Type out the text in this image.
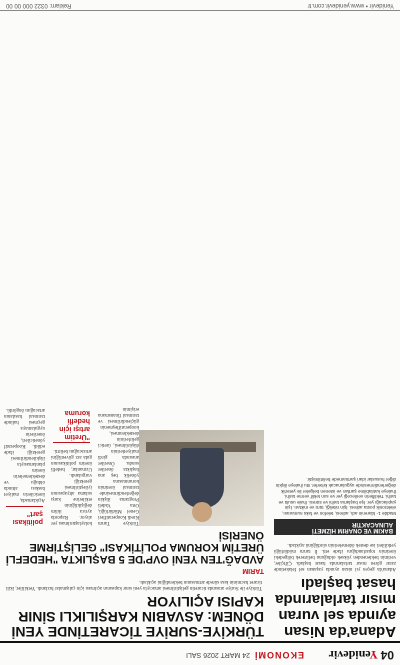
04
Yenidevir
EKONOMİ
24 MART 2026 SALI
Adana'da Nisan ayında sel vuran mısır tarlalarında hasat başladı
Adana'da geçen yıl nisan ayında yaşanan sel felaketinde zarar gören mısır tarlalarında hasat başladı. Çiftçiler, verimin beklenenden yüksek olduğunu belirterek bölgedeki üretimin toparlandığını ifade etti. İl tarım müdürlüğü yetkilileri ise destek ödemelerinin sürdüğünü açıkladı.
BAKIM VE ONARIM HİZMETİ ALINACAKTIR
Madde 1- İdarenin adı, adresi, telefon ve faks numarası, elektronik posta adresi. İşin niteliği, türü ve miktarı. İşin yapılacağı yer. İşe başlama tarihi ve süresi. İhale usulü ve tarihi. Tekliflerin verileceği yer ve son teklif verme tarihi. İhaleye katılabilme şartları ve istenen belgeler ile yeterlik değerlendirmesinde uygulanacak kriterler. Bu ihaleye ilişkin diğer hususlar idari şartnamede belirtilmiştir.
TÜRKİYE-SURİYE TİCARETİNDE YENİ DÖNEM: ASVABIN KARŞILIKLI SİNIR KAPISI AÇILIYOR
Türkiye ile Suriye arasında ticaretin geliştirilmesi amacıyla yeni sınır kapısının açılması için çalışmalar hızlandı. Yetkililer, ikili ticaret hacminin kısa sürede artmasının beklendiğini açıkladı.
TARIM
AVDAĞ'TEN YENİ OVP'DE 5 BAŞLIKTA "HEDEFLİ ÜRETİM KORUMA POLİTİKASI" GELİŞTİRME ÖNERİSİ
Türkiye Tarım Kredi Kooperatifleri Genel Müdürlüğü, Orta Vadeli Programa ilişkin değerlendirmesinde tarımsal üretimin korunmasına yönelik beş ana başlıkta öneriler sundu. Öneriler arasında girdi maliyetlerinin düşürülmesi, üretici gelirlerinin desteklenmesi, kooperatifleşmenin güçlendirilmesi ve tarımsal finansmana erişimin kolaylaştırılması yer alıyor. Raporda ayrıca iklim değişikliğinin etkilerine karşı sulama altyapısının iyileştirilmesi gerektiği vurgulandı. Uzmanlar, hedefli üretim politikasının gıda arz güvenliğini artıracağını belirtti.
"Üretim artışı için hedefli koruma politikası şart"
Açıklamada, üreticilerin maliyet baskısı altında olduğu ve desteklemelerin üretim planlamasıyla ilişkilendirilmesi gerektiği ifade edildi. Kooperatif yöneticileri, önerilerin uygulamaya geçmesi halinde tarımsal hasılanın artacağını öngördü.
Yenidevir • www.yenidevir.com.tr
Reklam: 0322 000 00 00
